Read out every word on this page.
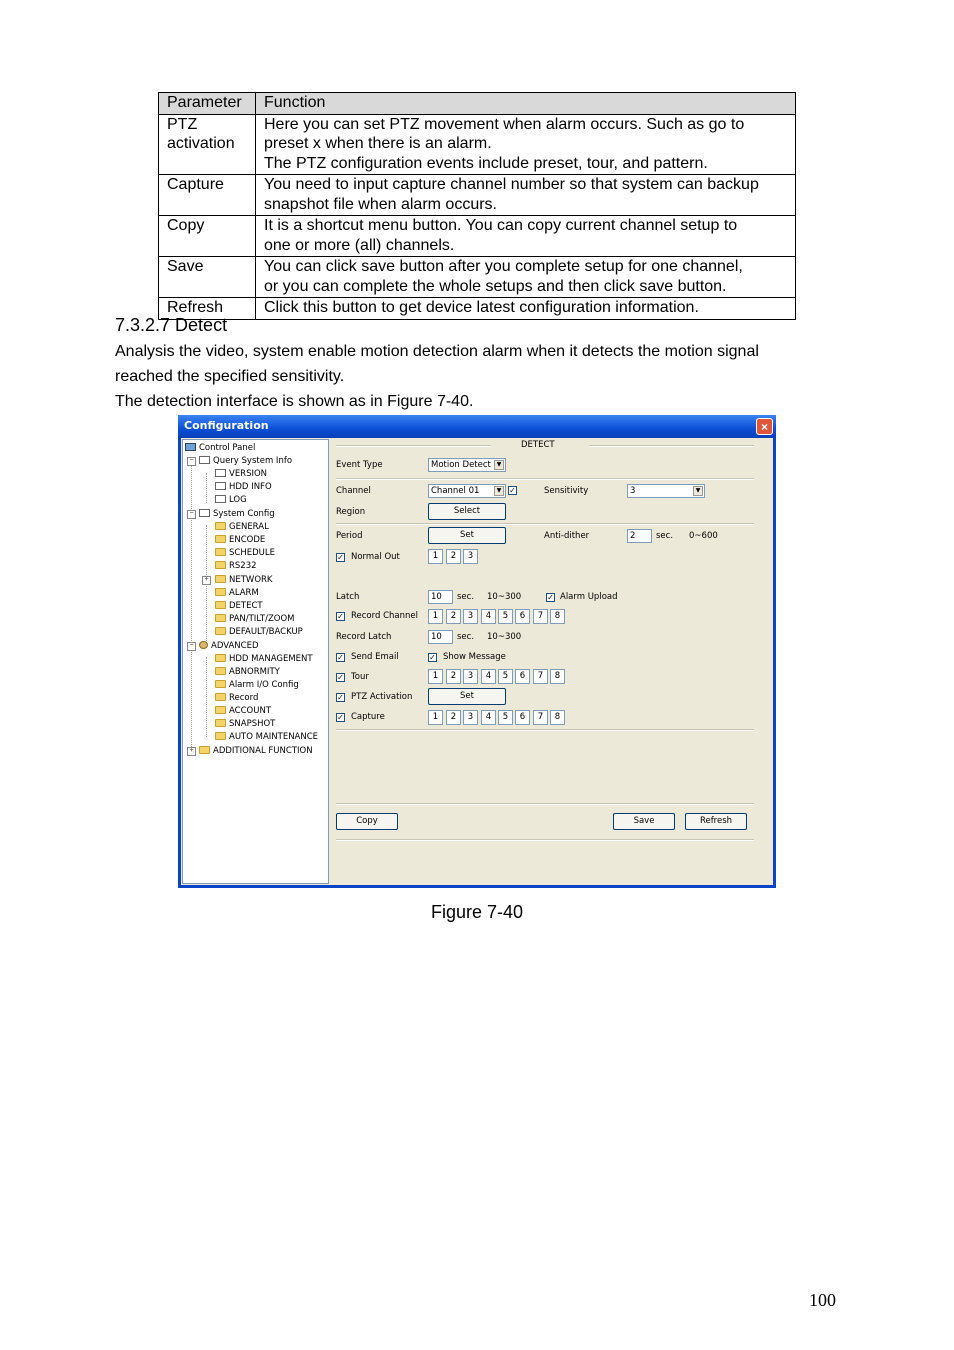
Parameter	Function
PTZ
activation	Here you can set PTZ movement when alarm occurs. Such as go to
preset x when there is an alarm.
The PTZ configuration events include preset, tour, and pattern.
Capture	You need to input capture channel number so that system can backup
snapshot file when alarm occurs.
Copy	It is a shortcut menu button. You can copy current channel setup to
one or more (all) channels.
Save	You can click save button after you complete setup for one channel,
or you can complete the whole setups and then click save button.
Refresh	Click this button to get device latest configuration information.
7.3.2.7 Detect
Analysis the video, system enable motion detection alarm when it detects the motion signal
reached the specified sensitivity.
The detection interface is shown as in Figure 7-40.
Configuration	×
Control Panel
−	Query System Info
VERSION
HDD INFO
LOG
−	System Config
GENERAL
ENCODE
SCHEDULE
RS232
+	NETWORK
ALARM
DETECT
PAN/TILT/ZOOM
DEFAULT/BACKUP
−	ADVANCED
HDD MANAGEMENT
ABNORMITY
Alarm I/O Config
Record
ACCOUNT
SNAPSHOT
AUTO MAINTENANCE
+	ADDITIONAL FUNCTION
DETECT
Event Type	Motion Detect ▼
Channel	Channel 01	▼ ✓	Sensitivity	3	▼
Region	Select
Period	Set	Anti-dither	2	sec. 0~600
✓ Normal Out	1	2	3
Latch	10	sec. 10~300	✓ Alarm Upload
✓ Record Channel	1	2	3	4	5	6	7	8
Record Latch	10	sec. 10~300
✓ Send Email	✓ Show Message
✓ Tour	1	2	3	4	5	6	7	8
✓ PTZ Activation	Set
✓ Capture	1	2	3	4	5	6	7	8
Copy	Save	Refresh
Figure 7-40
100
